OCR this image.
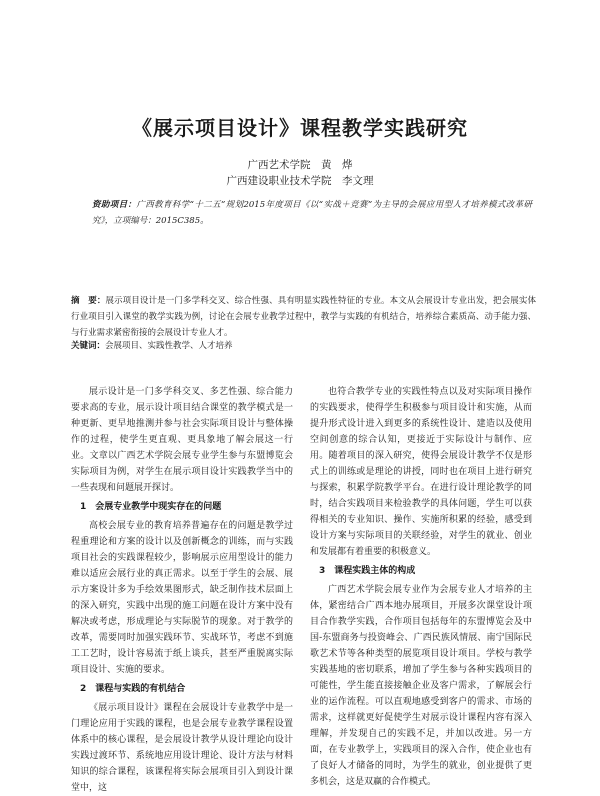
《展示项目设计》课程教学实践研究
广西艺术学院　黄　烨
广西建设职业技术学院　李文理
资助项目：广西教育科学“十二五”规划2015年度项目《以“实战＋竞赛”为主导的会展应用型人才培养模式改革研究》，立项编号：2015C385。
摘　要：展示项目设计是一门多学科交叉、综合性强、具有明显实践性特征的专业。本文从会展设计专业出发，把会展实体行业项目引入课堂的教学实践为例，讨论在会展专业教学过程中，教学与实践的有机结合，培养综合素质高、动手能力强、与行业需求紧密衔接的会展设计专业人才。
关键词：会展项目、实践性教学、人才培养

展示设计是一门多学科交叉、多艺性强、综合能力要求高的专业，展示设计项目结合课堂的教学模式是一种更新、更早地推测并参与社会实际项目设计与整体操作的过程，使学生更直观、更具象地了解会展这一行业。文章以广西艺术学院会展专业学生参与东盟博览会实际项目为例，对学生在展示项目设计实践教学当中的一些表现和问题展开探讨。

1　会展专业教学中现实存在的问题

高校会展专业的教育培养普遍存在的问题是教学过程重理论和方案的设计以及创新概念的训练，而与实践项目社会的实践课程较少，影响展示应用型设计的能力难以适应会展行业的真正需求。以至于学生的会展、展示方案设计多为手绘效果图形式，缺乏制作技术层面上的深入研究，实践中出现的施工问题在设计方案中没有解决或考虑，形成理论与实际脱节的现象。对于教学的改革，需要同时加强实践环节、实战环节，考虑不到施工工艺时，设计容易流于纸上谈兵，甚至严重脱离实际项目设计、实施的要求。

2　课程与实践的有机结合

《展示项目设计》课程在会展设计专业教学中是一门理论应用于实践的课程，也是会展专业教学课程设置体系中的核心课程，是会展设计教学从设计理论向设计实践过渡环节、系统地应用设计理论、设计方法与材料知识的综合课程，该课程将实际会展项目引入到设计课堂中，这

也符合教学专业的实践性特点以及对实际项目操作的实践要求，使得学生积极参与项目设计和实施，从而提升形式设计进入到更多的系统性设计、建造以及使用空间创意的综合认知，更接近于实际设计与制作、应用。随着项目的深入研究，使得会展设计教学不仅是形式上的训练或是理论的讲授，同时也在项目上进行研究与探索，积累学院教学平台。在进行设计理论教学的同时，结合实践项目来检验教学的具体问题，学生可以获得相关的专业知识、操作、实施所积累的经验，感受到设计方案与实际项目的关联经验，对学生的就业、创业和发展都有着重要的积极意义。

3　课程实践主体的构成

广西艺术学院会展专业作为会展专业人才培养的主体，紧密结合广西本地办展项目，开展多次课堂设计项目合作教学实践，合作项目包括每年的东盟博览会及中国-东盟商务与投资峰会、广西民族风情展、南宁国际民歌艺术节等各种类型的展览项目设计项目。学校与教学实践基地的密切联系，增加了学生参与各种实践项目的可能性，学生能直接接触企业及客户需求，了解展会行业的运作流程。可以直观地感受到客户的需求、市场的需求，这样就更好促使学生对展示设计课程内容有深入理解，并发现自己的实践不足，并加以改进。另一方面，在专业教学上，实践项目的深入合作，使企业也有了良好人才储备的同时，为学生的就业，创业提供了更多机会，这是双赢的合作模式。
